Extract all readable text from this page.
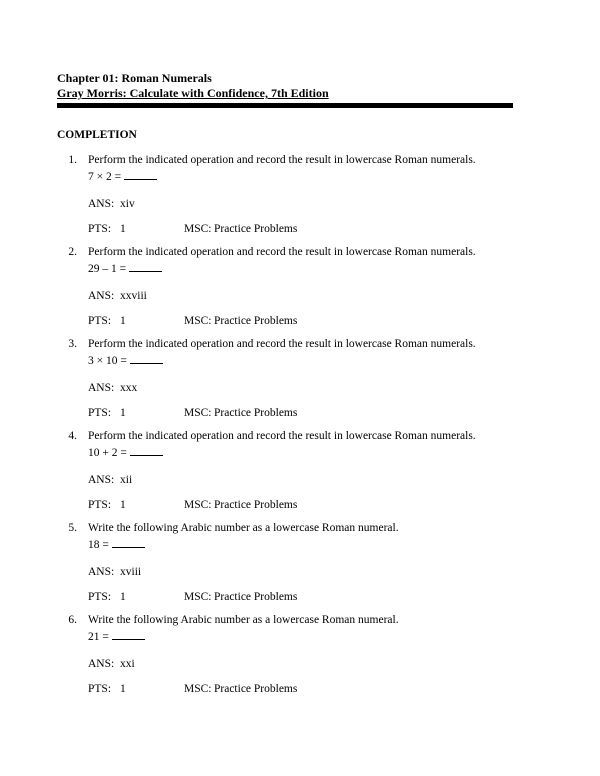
Chapter 01: Roman Numerals
Gray Morris: Calculate with Confidence, 7th Edition
COMPLETION
1. Perform the indicated operation and record the result in lowercase Roman numerals.
7 × 2 =
ANS: xiv
PTS: 1	MSC: Practice Problems
2. Perform the indicated operation and record the result in lowercase Roman numerals.
29 – 1 =
ANS: xxviii
PTS: 1	MSC: Practice Problems
3. Perform the indicated operation and record the result in lowercase Roman numerals.
3 × 10 =
ANS: xxx
PTS: 1	MSC: Practice Problems
4. Perform the indicated operation and record the result in lowercase Roman numerals.
10 + 2 =
ANS: xii
PTS: 1	MSC: Practice Problems
5. Write the following Arabic number as a lowercase Roman numeral.
18 =
ANS: xviii
PTS: 1	MSC: Practice Problems
6. Write the following Arabic number as a lowercase Roman numeral.
21 =
ANS: xxi
PTS: 1	MSC: Practice Problems
